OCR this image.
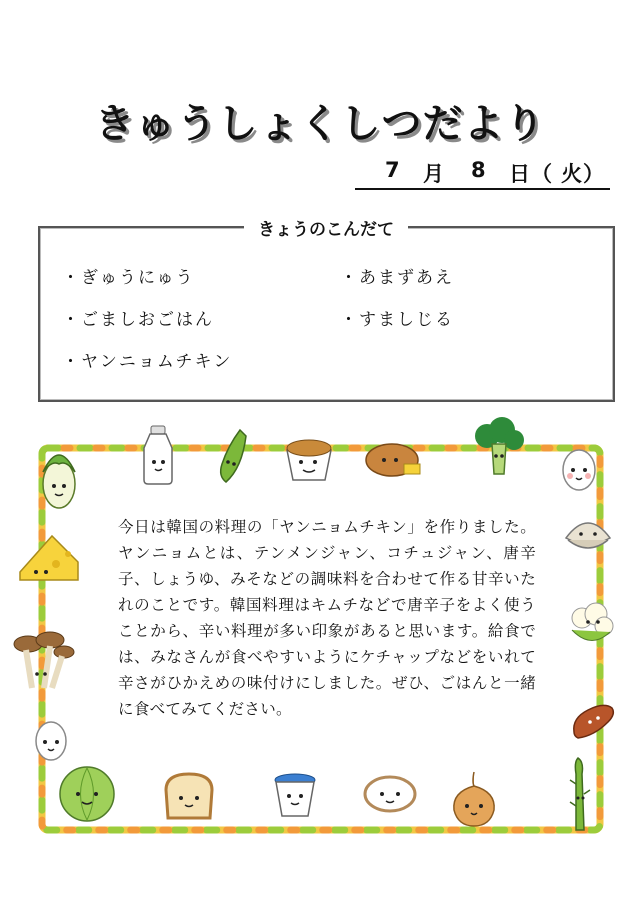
きゅうしょくしつだより
7 月 8 日 （ 火 ）
きょうのこんだて
・ぎゅうにゅう	・あまずあえ
・ごましおごはん	・すましじる
・ヤンニョムチキン
今日は韓国の料理の「ヤンニョムチキン」を作りました。ヤンニョムとは、テンメンジャン、コチュジャン、唐辛子、しょうゆ、みそなどの調味料を合わせて作る甘辛いたれのことです。韓国料理はキムチなどで唐辛子をよく使うことから、辛い料理が多い印象があると思います。給食では、みなさんが食べやすいようにケチャップなどをいれて辛さがひかえめの味付けにしました。ぜひ、ごはんと一緒に食べてみてください。
